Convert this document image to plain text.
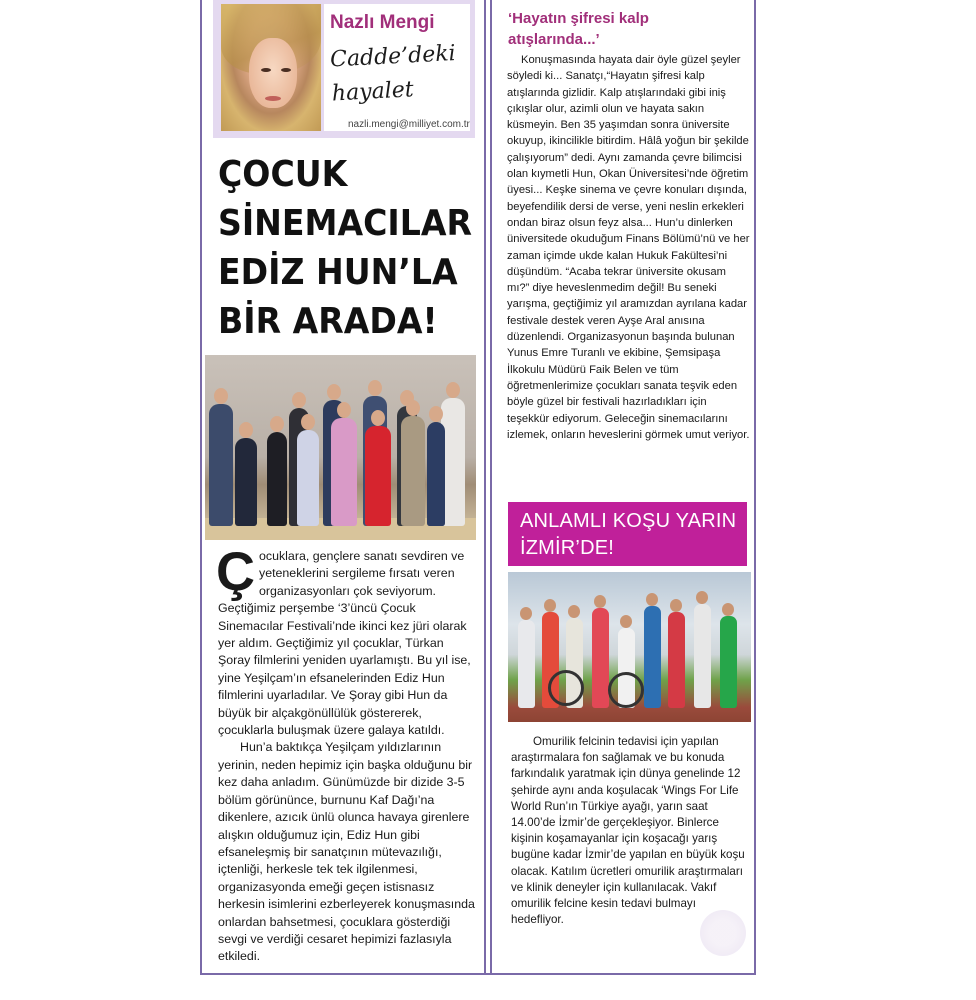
Nazlı Mengi
Cadde’deki hayalet
nazli.mengi@milliyet.com.tr
ÇOCUK SİNEMACILAR EDİZ HUN’LA BİR ARADA!
Ç ocuklara, gençlere sanatı sevdiren ve yeteneklerini sergileme fırsatı veren organizasyonları çok seviyorum. Geçtiğimiz perşembe ‘3’üncü Çocuk Sinemacılar Festivali’nde ikinci kez jüri olarak yer aldım. Geçtiğimiz yıl çocuklar, Türkan Şoray filmlerini yeniden uyarlamıştı. Bu yıl ise, yine Yeşilçam’ın efsanelerinden Ediz Hun filmlerini uyarladılar. Ve Şoray gibi Hun da büyük bir alçakgönüllülük göstererek, çocuklarla buluşmak üzere galaya katıldı.

Hun’a baktıkça Yeşilçam yıldızlarının yerinin, neden hepimiz için başka olduğunu bir kez daha anladım. Günümüzde bir dizide 3-5 bölüm görününce, burnunu Kaf Dağı’na dikenlere, azıcık ünlü olunca havaya girenlere alışkın olduğumuz için, Ediz Hun gibi efsaneleşmiş bir sanatçının mütevazılığı, içtenliği, herkesle tek tek ilgilenmesi, organizasyonda emeği geçen istisnasız herkesin isimlerini ezberleyerek konuşmasında onlardan bahsetmesi, çocuklara gösterdiği sevgi ve verdiği cesaret hepimizi fazlasıyla etkiledi.

‘Hayatın şifresi kalp atışlarında...’

Konuşmasında hayata dair öyle güzel şeyler söyledi ki... Sanatçı,“Hayatın şifresi kalp atışlarında gizlidir. Kalp atışlarındaki gibi iniş çıkışlar olur, azimli olun ve hayata sakın küsmeyin. Ben 35 yaşımdan sonra üniversite okuyup, ikincilikle bitirdim. Hâlâ yoğun bir şekilde çalışıyorum” dedi. Aynı zamanda çevre bilimcisi olan kıymetli Hun, Okan Üniversitesi’nde öğretim üyesi... Keşke sinema ve çevre konuları dışında, beyefendilik dersi de verse, yeni neslin erkekleri ondan biraz olsun feyz alsa... Hun’u dinlerken üniversitede okuduğum Finans Bölümü’nü ve her zaman içimde ukde kalan Hukuk Fakültesi’ni düşündüm. “Acaba tekrar üniversite okusam mı?” diye heveslenmedim değil! Bu seneki yarışma, geçtiğimiz yıl aramızdan ayrılana kadar festivale destek veren Ayşe Aral anısına düzenlendi. Organizasyonun başında bulunan Yunus Emre Turanlı ve ekibine, Şemsipaşa İlkokulu Müdürü Faik Belen ve tüm öğretmenlerimize çocukları sanata teşvik eden böyle güzel bir festivali hazırladıkları için teşekkür ediyorum. Geleceğin sinemacılarını izlemek, onların heveslerini görmek umut veriyor.

ANLAMLI KOŞU YARIN İZMİR’DE!

Omurilik felcinin tedavisi için yapılan araştırmalara fon sağlamak ve bu konuda farkındalık yaratmak için dünya genelinde 12 şehirde aynı anda koşulacak ‘Wings For Life World Run’ın Türkiye ayağı, yarın saat 14.00’de İzmir’de gerçekleşiyor. Binlerce kişinin koşamayanlar için koşacağı yarış bugüne kadar İzmir’de yapılan en büyük koşu olacak. Katılım ücretleri omurilik araştırmaları ve klinik deneyler için kullanılacak. Vakıf omurilik felcine kesin tedavi bulmayı hedefliyor.
